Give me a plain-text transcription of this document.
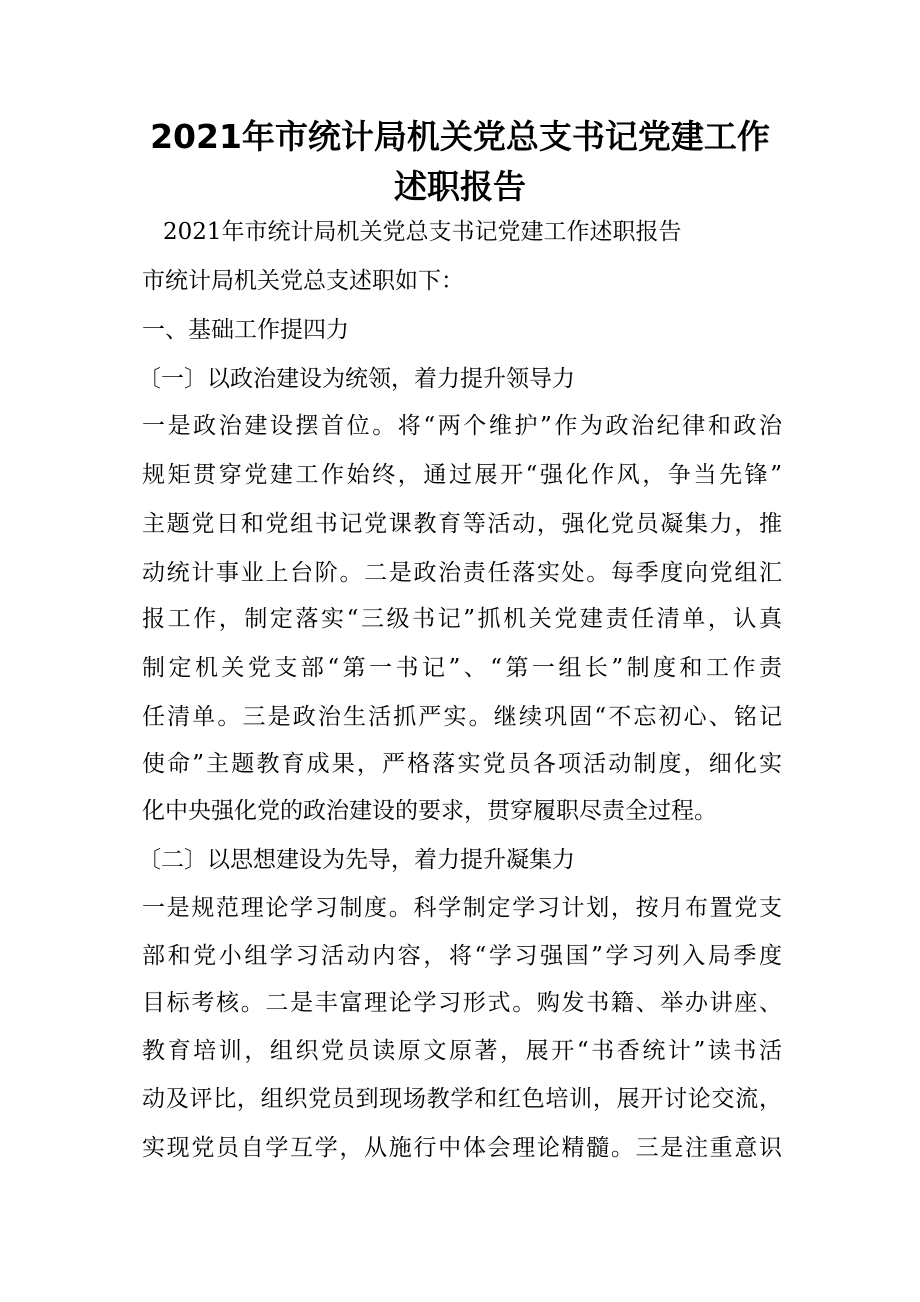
2021年市统计局机关党总支书记党建工作
述职报告

2021年市统计局机关党总支书记党建工作述职报告

市统计局机关党总支述职如下：

一、基础工作提四力

〔一〕以政治建设为统领，着力提升领导力

一是政治建设摆首位。将“两个维护”作为政治纪律和政治

规矩贯穿党建工作始终，通过展开“强化作风，争当先锋”

主题党日和党组书记党课教育等活动，强化党员凝集力，推

动统计事业上台阶。二是政治责任落实处。每季度向党组汇

报工作，制定落实“三级书记”抓机关党建责任清单，认真

制定机关党支部“第一书记”、“第一组长”制度和工作责

任清单。三是政治生活抓严实。继续巩固“不忘初心、铭记

使命”主题教育成果，严格落实党员各项活动制度，细化实

化中央强化党的政治建设的要求，贯穿履职尽责全过程。

〔二〕以思想建设为先导，着力提升凝集力

一是规范理论学习制度。科学制定学习计划，按月布置党支

部和党小组学习活动内容，将“学习强国”学习列入局季度

目标考核。二是丰富理论学习形式。购发书籍、举办讲座、

教育培训，组织党员读原文原著，展开“书香统计”读书活

动及评比，组织党员到现场教学和红色培训，展开讨论交流，

实现党员自学互学，从施行中体会理论精髓。三是注重意识
